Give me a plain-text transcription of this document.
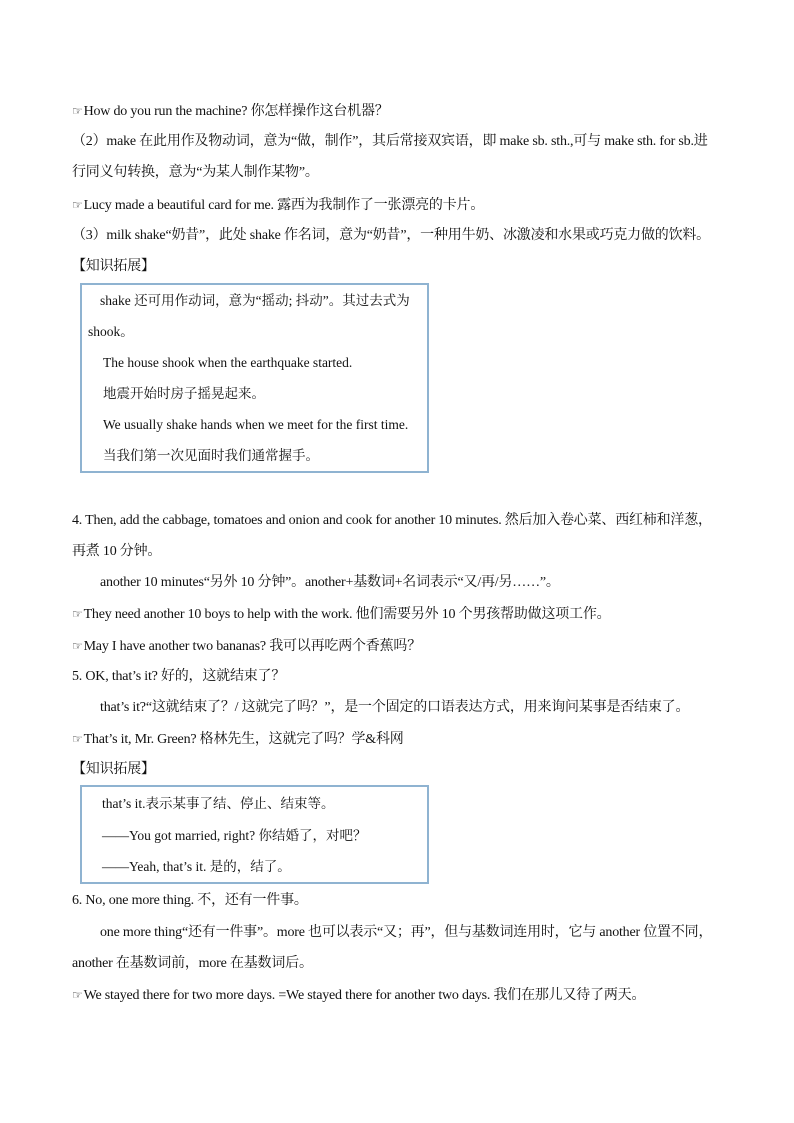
☞How do you run the machine? 你怎样操作这台机器？
（2）make 在此用作及物动词，意为“做，制作”，其后常接双宾语，即 make sb. sth.,可与 make sth. for sb.进
行同义句转换，意为“为某人制作某物”。
☞Lucy made a beautiful card for me. 露西为我制作了一张漂亮的卡片。
（3）milk shake“奶昔”，此处 shake 作名词，意为“奶昔”，一种用牛奶、冰激凌和水果或巧克力做的饮料。
【知识拓展】
shake 还可用作动词，意为“摇动; 抖动”。其过去式为
shook。
The house shook when the earthquake started.
地震开始时房子摇晃起来。
We usually shake hands when we meet for the first time.
当我们第一次见面时我们通常握手。
4. Then, add the cabbage, tomatoes and onion and cook for another 10 minutes. 然后加入卷心菜、西红柿和洋葱，
再煮 10 分钟。
another 10 minutes“另外 10 分钟”。another+基数词+名词表示“又/再/另……”。
☞They need another 10 boys to help with the work. 他们需要另外 10 个男孩帮助做这项工作。
☞May I have another two bananas? 我可以再吃两个香蕉吗？
5. OK, that’s it? 好的，这就结束了？
that’s it?“这就结束了？/ 这就完了吗？”，是一个固定的口语表达方式，用来询问某事是否结束了。
☞That’s it, Mr. Green? 格林先生，这就完了吗？学&科网
【知识拓展】
that’s it.表示某事了结、停止、结束等。
——You got married, right? 你结婚了，对吧？
——Yeah, that’s it. 是的，结了。
6. No, one more thing. 不，还有一件事。
one more thing“还有一件事”。more 也可以表示“又；再”，但与基数词连用时，它与 another 位置不同，
another 在基数词前，more 在基数词后。
☞We stayed there for two more days. =We stayed there for another two days. 我们在那儿又待了两天。
